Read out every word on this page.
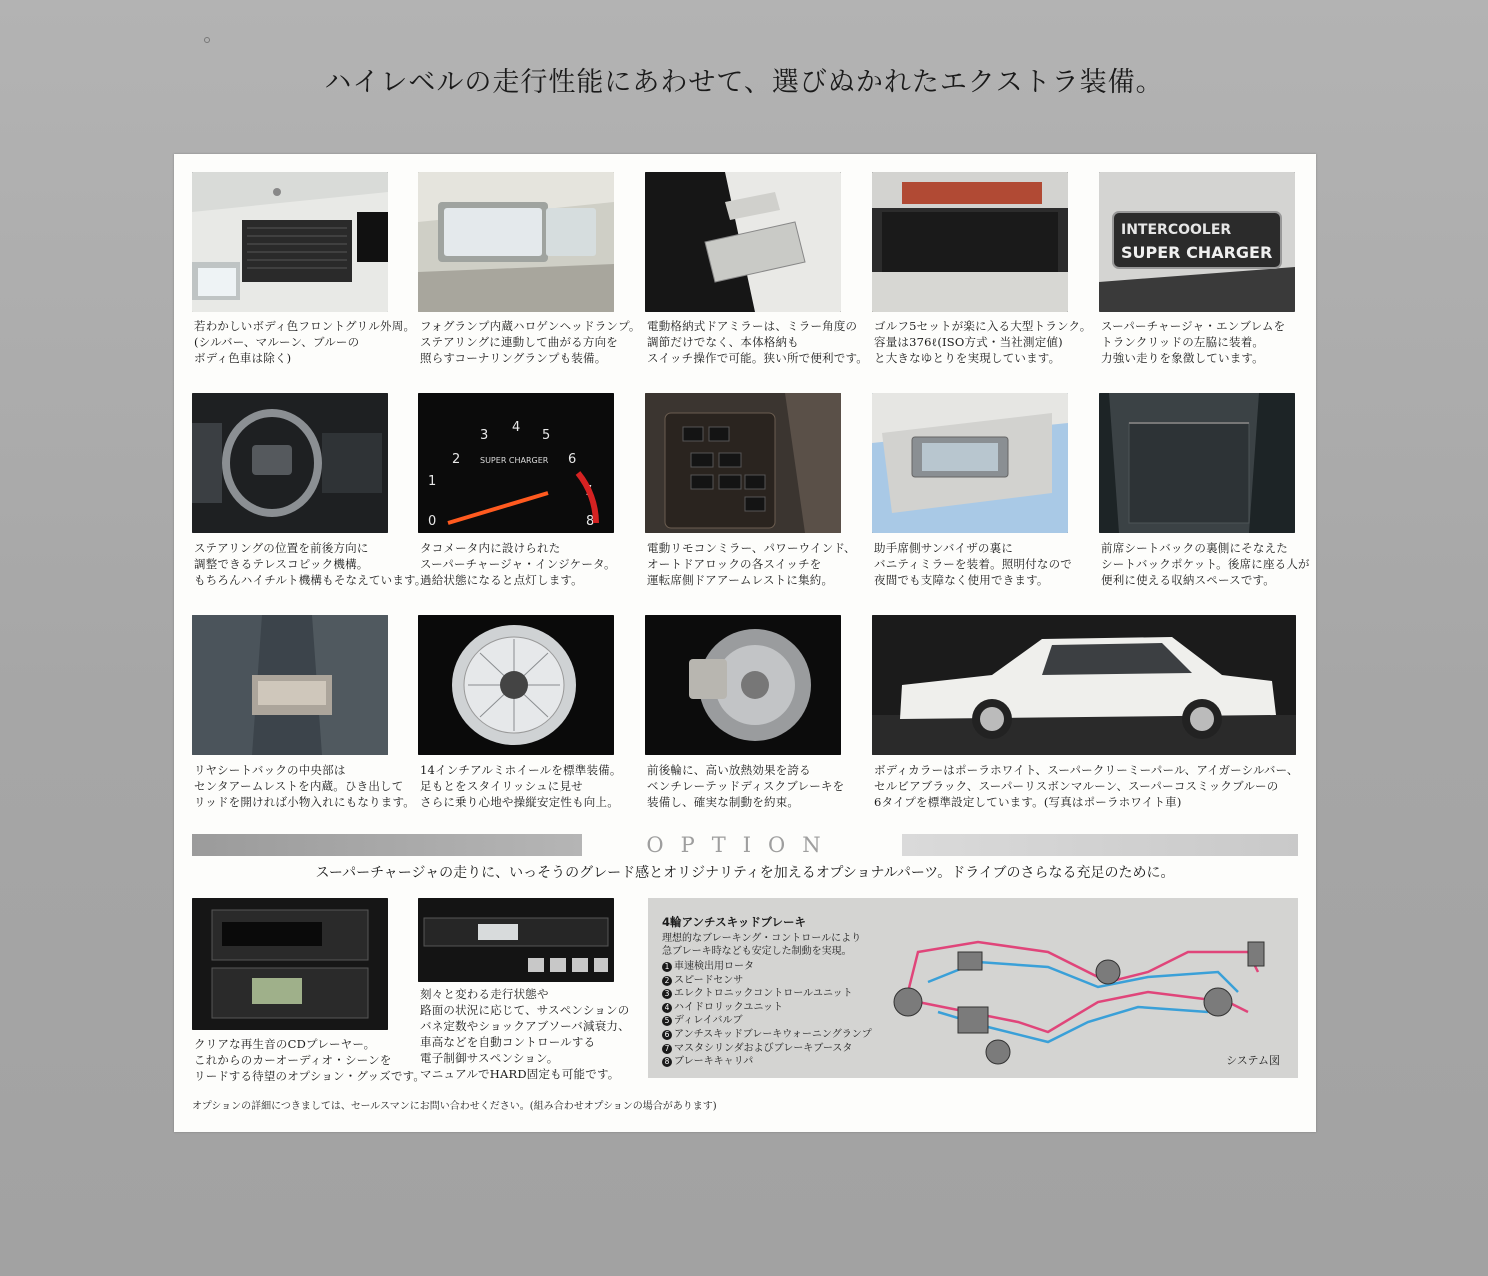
ハイレベルの走行性能にあわせて、選びぬかれたエクストラ装備。
若わかしいボディ色フロントグリル外周。
(シルバー、マルーン、ブルーの
ボディ色車は除く)
フォグランプ内蔵ハロゲンヘッドランプ。
ステアリングに連動して曲がる方向を
照らすコーナリングランプも装備。
電動格納式ドアミラーは、ミラー角度の
調節だけでなく、本体格納も
スイッチ操作で可能。狭い所で便利です。
ゴルフ5セットが楽に入る大型トランク。
容量は376ℓ(ISO方式・当社測定値)
と大きなゆとりを実現しています。
INTERCOOLER
SUPER CHARGER
スーパーチャージャ・エンブレムを
トランクリッドの左脇に装着。
力強い走りを象徴しています。
ステアリングの位置を前後方向に
調整できるテレスコピック機構。
もちろんハイチルト機構もそなえています。
0
1
2
3
4
5
6
7
8
SUPER CHARGER
タコメータ内に設けられた
スーパーチャージャ・インジケータ。
過給状態になると点灯します。
電動リモコンミラー、パワーウインド、
オートドアロックの各スイッチを
運転席側ドアアームレストに集約。
助手席側サンバイザの裏に
バニティミラーを装着。照明付なので
夜間でも支障なく使用できます。
前席シートバックの裏側にそなえた
シートバックポケット。後席に座る人が
便利に使える収納スペースです。
リヤシートバックの中央部は
センタアームレストを内蔵。ひき出して
リッドを開ければ小物入れにもなります。
14インチアルミホイールを標準装備。
足もとをスタイリッシュに見せ
さらに乗り心地や操縦安定性も向上。
前後輪に、高い放熱効果を誇る
ベンチレーテッドディスクブレーキを
装備し、確実な制動を約束。
ボディカラーはポーラホワイト、スーパークリーミーパール、アイガーシルバー、
セルビアブラック、スーパーリスボンマルーン、スーパーコスミックブルーの
6タイプを標準設定しています。(写真はポーラホワイト車)
OPTION
スーパーチャージャの走りに、いっそうのグレード感とオリジナリティを加えるオプショナルパーツ。ドライブのさらなる充足のために。
クリアな再生音のCDプレーヤー。
これからのカーオーディオ・シーンを
リードする待望のオプション・グッズです。
刻々と変わる走行状態や
路面の状況に応じて、サスペンションの
バネ定数やショックアブソーバ減衰力、
車高などを自動コントロールする
電子制御サスペンション。
マニュアルでHARD固定も可能です。
4輪アンチスキッドブレーキ
理想的なブレーキング・コントロールにより
急ブレーキ時なども安定した制動を実現。
1 車速検出用ロータ
2 スピードセンサ
3 エレクトロニックコントロールユニット
4 ハイドロリックユニット
5 ディレイバルブ
6 アンチスキッドブレーキウォーニングランプ
7 マスタシリンダおよびブレーキブースタ
8 ブレーキキャリパ	システム図
オプションの詳細につきましては、セールスマンにお問い合わせください。(組み合わせオプションの場合があります)
